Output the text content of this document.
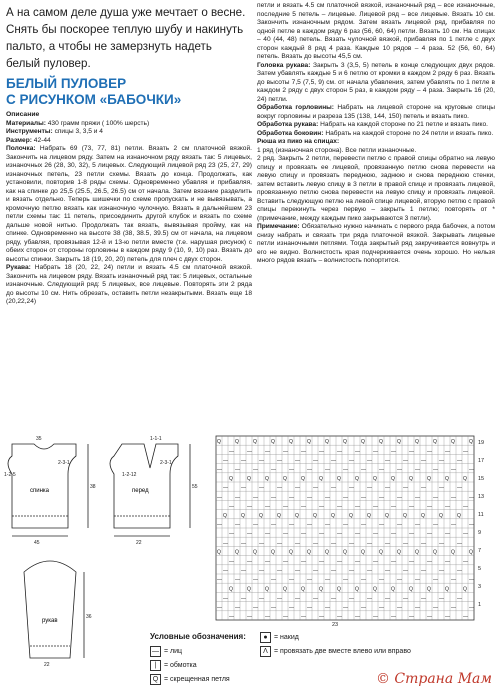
А на самом деле душа уже мечтает о весне.
Снять бы поскорее теплую шубу и накинуть
пальто, а чтобы не замерзнуть надеть
белый пуловер.

БЕЛЫЙ ПУЛОВЕР
С РИСУНКОМ «БАБОЧКИ»

Описание

Материалы: 430 грамм пряжи ( 100% шерсть)

Инструменты: спицы 3, 3,5 и 4

Размер: 42-44

Полочка: Набрать 69 (73, 77, 81) петли. Вязать 2 см платочной вязкой. Закончить на лицевом ряду. Затем на изнаночном ряду вязать так: 5 лицевых, изнаночных 26 (28, 30, 32), 5 лицевых. Следующий лицевой ряд 23 (25, 27, 29) изнаночных петель, 23 петли схемы. Вязать до конца. Продолжать, как установили, повторив 1-8 ряды схемы. Одновременно убавляя и прибавляя, как на спинке до 25,5 (25.5, 26.5, 26.5) см от начала. Затем вязание разделить и вязать отдельно. Теперь шишечки по схеме пропускать и не вывязывать, а кромочную петлю вязать как изнаночную чулочную. Вязать в дальнейшем 23 петли схемы так: 11 петель, присоединить другой клубок и вязать по схеме дальше новой нитью. Продолжать так вязать, вывязывая пройму, как на спинке. Одновременно на высоте 38 (38, 38.5, 39.5) см от начала, на лицевом ряду, убавляя, провязывая 12-й и 13-ю петли вместе (т.е. нарушая рисунок) с обеих сторон от стороны горловины в каждом ряду 9 (10, 9, 10) раз. Вязать до высоты спинки. Закрыть 18 (19, 20, 20) петель для плеч с двух сторон.

Рукава: Набрать 18 (20, 22, 24) петли и вязать 4.5 см платочной вязкой. Закончить на лицевом ряду. Вязать изнаночный ряд так: 5 лицевых, остальные изнаночные. Следующий ряд: 5 лицевых, все лицевые. Повторять эти 2 ряда до высоты 10 см. Нить обрезать, оставить петли незакрытыми. Вязать еще 18 (20,22,24)

петли и вязать 4.5 см платочной вязкой, изнаночный ряд – все изнаночные, последние 5 петель – лицевые. Лицевой ряд – все лицевые. Вязать 10 см. Закончить изнаночным рядом. Затем вязать лицевой ряд, прибавляя по одной петле в каждом ряду 6 раз (56, 60, 64) петли. Вязать 10 см. На спицах – 40 (44, 48) петель. Вязать чулочной вязкой, прибавляя по 1 петле с двух сторон каждый 8 ряд 4 раза. Каждые 10 рядов – 4 раза. 52 (56, 60, 64) петель. Вязать до высоты 45,5 см.

Головка рукава: Закрыть 3 (3,5, 5) петель в конце следующих двух рядов. Затем убавлять каждые 5 и 6 петлю от кромки в каждом 2 ряду 6 раз. Вязать до высоты 7,5 (7,5, 9) см. от начала убавления, затем убавлять по 1 петле в каждом 2 ряду с двух сторон 5 раз, в каждом ряду – 4 раза. Закрыть 16 (20, 24) петли.

Обработка горловины: Набрать на лицевой стороне на круговые спицы вокруг горловины и разреза 135 (138, 144, 150) петель и вязать пико.

Обработка рукава: Набрать на каждой стороне по 21 петле и вязать пико.

Обработка боковин: Набрать на каждой стороне по 24 петли и вязать пико.

Рюша из пико на спицах:

1 ряд (изнаночная сторона). Все петли изнаночные.

2 ряд. Закрыть 2 петли, перевести петлю с правой спицы обратно на левую спицу и провязать ее лицевой, провязанную петлю снова перевести на левую спицу и провязать переднюю, заднюю и снова переднюю стенки, затем вставить левую спицу в 3 петли в правой спице и провязать лицевой, провязанную петлю снова перевести на левую спицу и провязать лицевой. Вставить следующую петлю на левой спице лицевой, вторую петлю с правой спицы перекинуть через первую – закрыть 1 петлю; повторять от * (примечание, между каждым пико закрываются 3 петли).

Примечание: Обязательно нужно начинать с первого ряда бабочек, а потом снизу набрать и связать три ряда платочной вязкой. Закрывать лицевые петли изнаночными петлями. Тогда закрытый ряд закручивается вовнутрь и его не видно. Волнистость края подчеркивается очень хорошо. Но нельзя много рядов вязать – волнистость попортится.

спинка	перед
рукав
35
2-3-1
1-2-5
38
1-1-1
2-3-1
55
1-2-12
45	22
36
22
Q	Q	Q	Q	Q	Q	Q	Q	Q	Q	Q	Q	Q	Q	Q
—	—	—	—	—	—	—	—	—	—	—	—	—	—
—	—	—	—	—	—	—	—	—	—	—	—	—	—
—	—	—	—	—	—	—	—	—	—	—	—	—	—	—
Q	Q	Q	Q	Q	Q	Q	Q	Q	Q	Q	Q	Q	Q
—	—	—	—	—	—	—	—	—	—	—	—	—	—
—	—	—	—	—	—	—	—	—	—	—	—	—	—	—
—	—	—	—	—	—	—	—	—	—	—	—	—	—
Q	Q	Q	Q	Q	Q	Q	Q	Q	Q	Q	Q	Q	Q
—	—	—	—	—	—	—	—	—	—	—	—	—	—	—
—	—	—	—	—	—	—	—	—	—	—	—	—	—
—	—	—	—	—	—	—	—	—	—	—	—	—	—
Q	Q	Q	Q	Q	Q	Q	Q	Q	Q	Q	Q	Q	Q	Q
—	—	—	—	—	—	—	—	—	—	—	—	—	—
—	—	—	—	—	—	—	—	—	—	—	—	—	—
—	—	—	—	—	—	—	—	—	—	—	—	—	—	—
Q	Q	Q	Q	Q	Q	Q	Q	Q	Q	Q	Q	Q	Q
—	—	—	—	—	—	—	—	—	—	—	—	—	—
—	—	—	—	—	—	—	—	—	—	—	—	—	—	—
—	—	—	—	—	—	—	—	—	—	—	—	—	—
19
17
15
13
11
9
7
5
3
1
23
Условные обозначения:
— = лиц
|	= обмотка
Q = скрещенная петля
● = накид
Λ = провязать две вместе влево или вправо
© Страна Мам
